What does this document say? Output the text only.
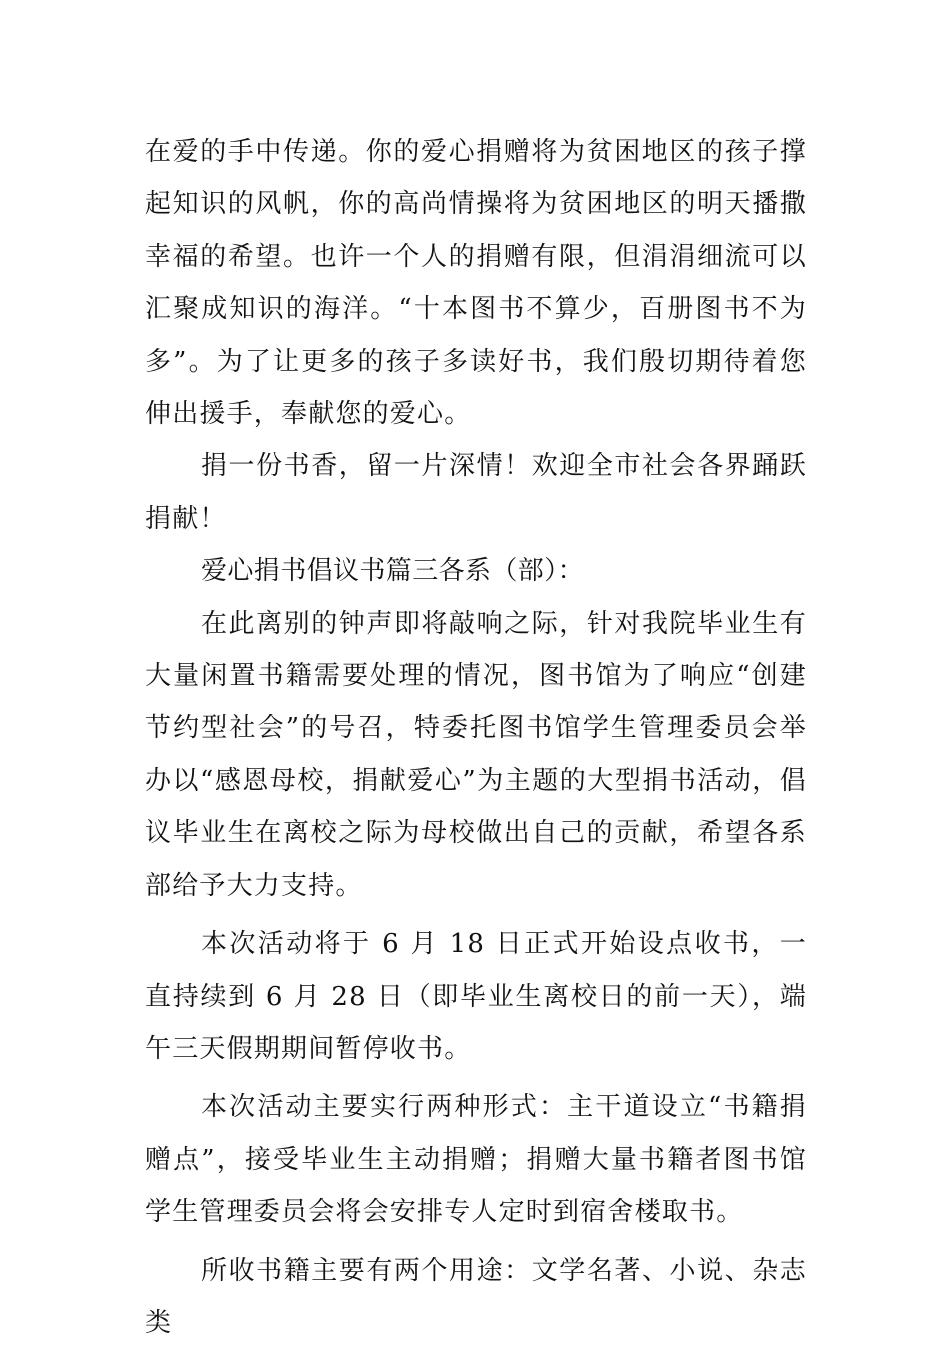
在爱的手中传递。你的爱心捐赠将为贫困地区的孩子撑起知识的风帆，你的高尚情操将为贫困地区的明天播撒幸福的希望。也许一个人的捐赠有限，但涓涓细流可以汇聚成知识的海洋。“十本图书不算少，百册图书不为多”。为了让更多的孩子多读好书，我们殷切期待着您伸出援手，奉献您的爱心。

捐一份书香，留一片深情！欢迎全市社会各界踊跃捐献！

爱心捐书倡议书篇三各系（部）：

在此离别的钟声即将敲响之际，针对我院毕业生有大量闲置书籍需要处理的情况，图书馆为了响应“创建节约型社会”的号召，特委托图书馆学生管理委员会举办以“感恩母校，捐献爱心”为主题的大型捐书活动，倡议毕业生在离校之际为母校做出自己的贡献，希望各系部给予大力支持。

本次活动将于 6 月 18 日正式开始设点收书，一直持续到 6 月 28 日（即毕业生离校日的前一天），端午三天假期期间暂停收书。

本次活动主要实行两种形式：主干道设立“书籍捐赠点”，接受毕业生主动捐赠；捐赠大量书籍者图书馆学生管理委员会将会安排专人定时到宿舍楼取书。

所收书籍主要有两个用途：文学名著、小说、杂志类
